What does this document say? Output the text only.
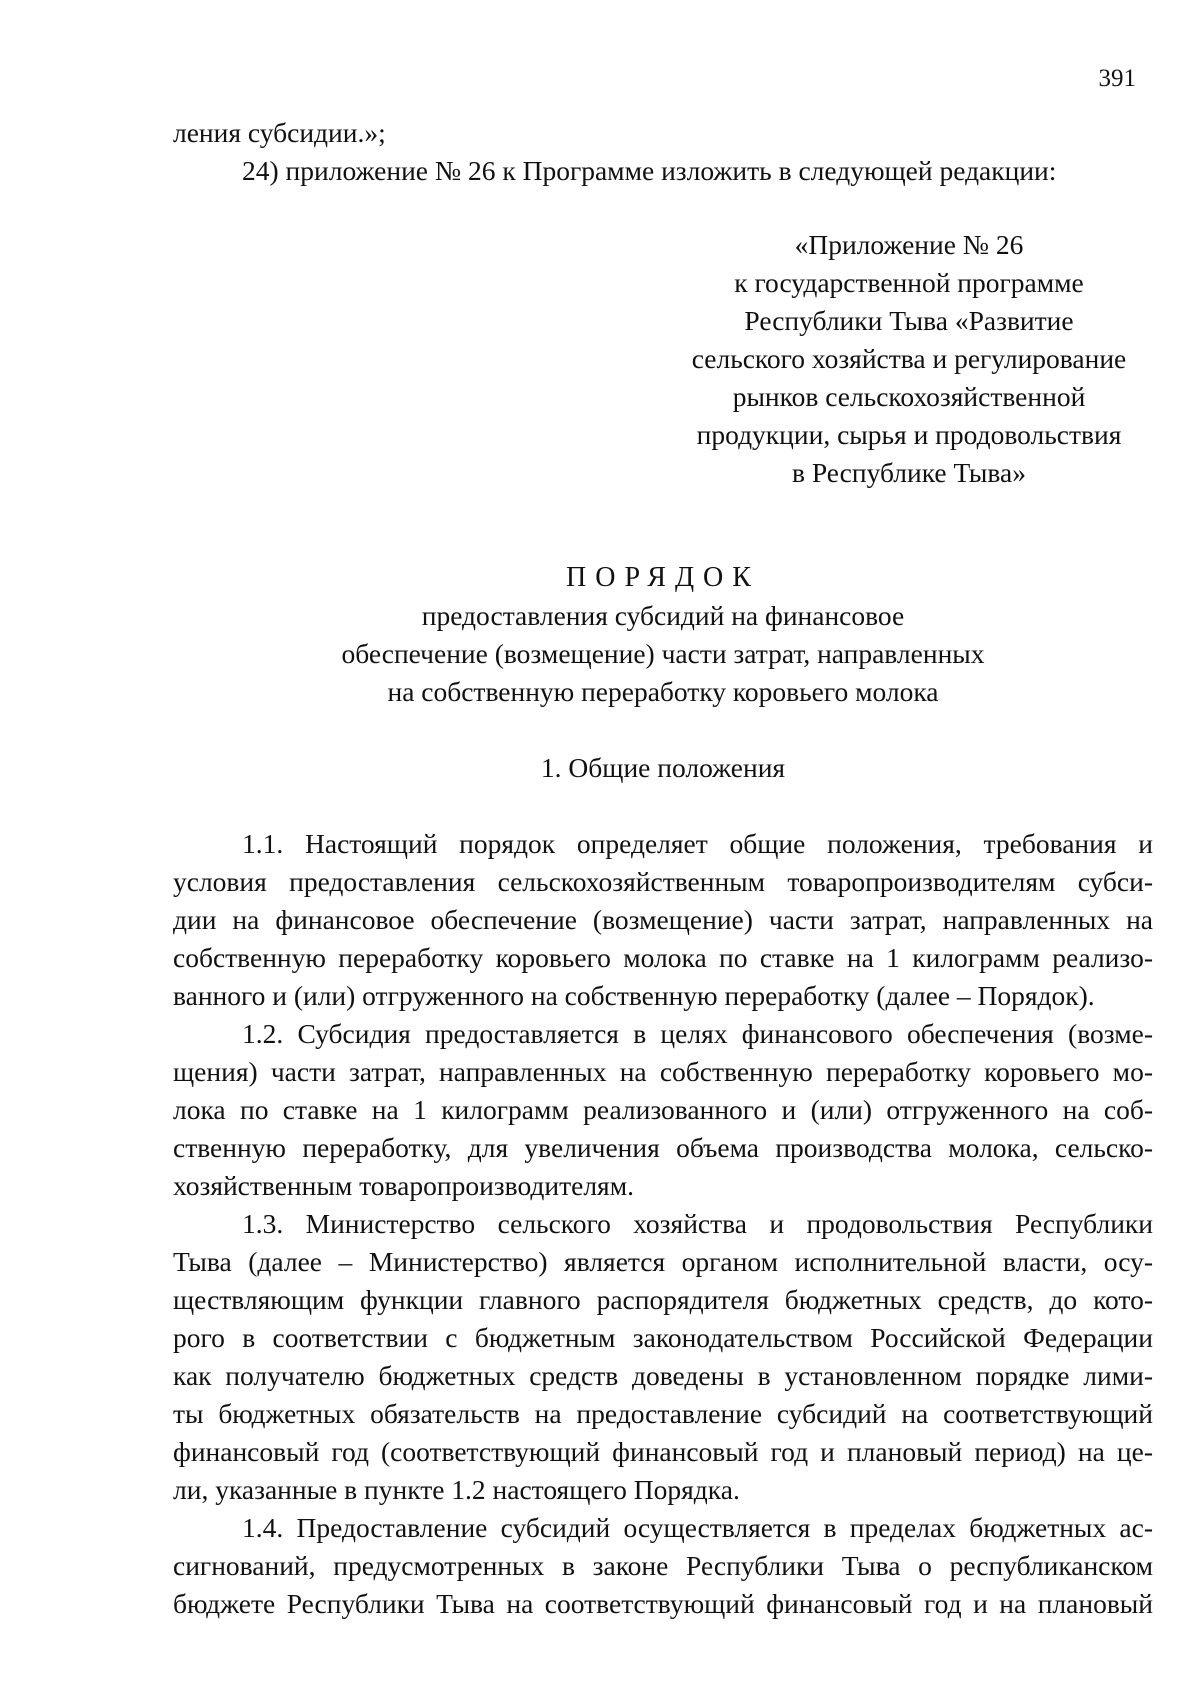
391

ления субсидии.»;

24) приложение № 26 к Программе изложить в следующей редакции:

«Приложение № 26

к государственной программе

Республики Тыва «Развитие

сельского хозяйства и регулирование

рынков сельскохозяйственной

продукции, сырья и продовольствия

в Республике Тыва»

ПОРЯДОК

предоставления субсидий на финансовое

обеспечение (возмещение) части затрат, направленных

на собственную переработку коровьего молока

1. Общие положения

1.1. Настоящий порядок определяет общие положения, требования и

условия предоставления сельскохозяйственным товаропроизводителям субси-

дии на финансовое обеспечение (возмещение) части затрат, направленных на

собственную переработку коровьего молока по ставке на 1 килограмм реализо-

ванного и (или) отгруженного на собственную переработку (далее – Порядок).

1.2. Субсидия предоставляется в целях финансового обеспечения (возме-

щения) части затрат, направленных на собственную переработку коровьего мо-

лока по ставке на 1 килограмм реализованного и (или) отгруженного на соб-

ственную переработку, для увеличения объема производства молока, сельско-

хозяйственным товаропроизводителям.

1.3. Министерство сельского хозяйства и продовольствия Республики

Тыва (далее – Министерство) является органом исполнительной власти, осу-

ществляющим функции главного распорядителя бюджетных средств, до кото-

рого в соответствии с бюджетным законодательством Российской Федерации

как получателю бюджетных средств доведены в установленном порядке лими-

ты бюджетных обязательств на предоставление субсидий на соответствующий

финансовый год (соответствующий финансовый год и плановый период) на це-

ли, указанные в пункте 1.2 настоящего Порядка.

1.4. Предоставление субсидий осуществляется в пределах бюджетных ас-

сигнований, предусмотренных в законе Республики Тыва о республиканском

бюджете Республики Тыва на соответствующий финансовый год и на плановый
